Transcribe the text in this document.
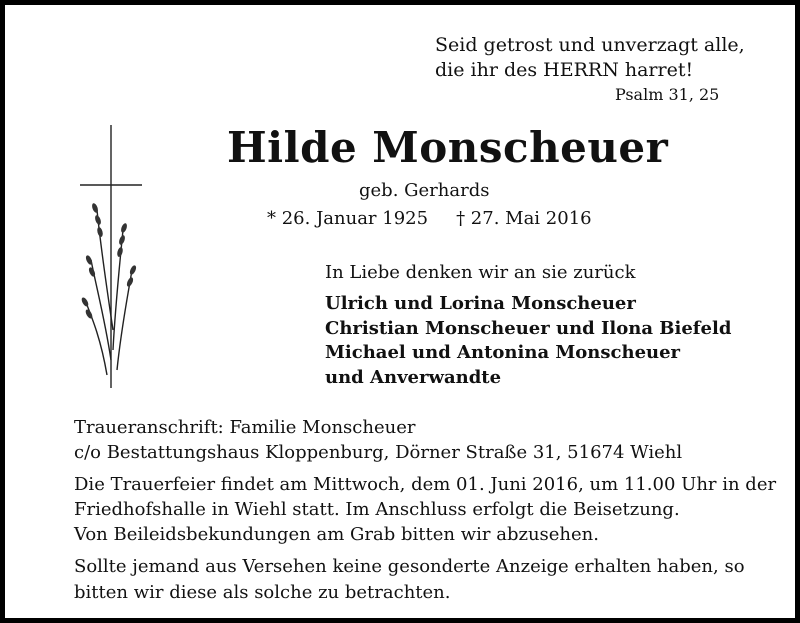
Seid getrost und unverzagt alle,
die ihr des HERRN harret!
Psalm 31, 25
Hilde Monscheuer
geb. Gerhards
* 26. Januar 1925 † 27. Mai 2016
In Liebe denken wir an sie zurück
Ulrich und Lorina Monscheuer
Christian Monscheuer und Ilona Biefeld
Michael und Antonina Monscheuer
und Anverwandte
Traueranschrift: Familie Monscheuer
c/o Bestattungshaus Kloppenburg, Dörner Straße 31, 51674 Wiehl
Die Trauerfeier findet am Mittwoch, dem 01. Juni 2016, um 11.00 Uhr in der
Friedhofshalle in Wiehl statt. Im Anschluss erfolgt die Beisetzung.
Von Beileidsbekundungen am Grab bitten wir abzusehen.
Sollte jemand aus Versehen keine gesonderte Anzeige erhalten haben, so
bitten wir diese als solche zu betrachten.
